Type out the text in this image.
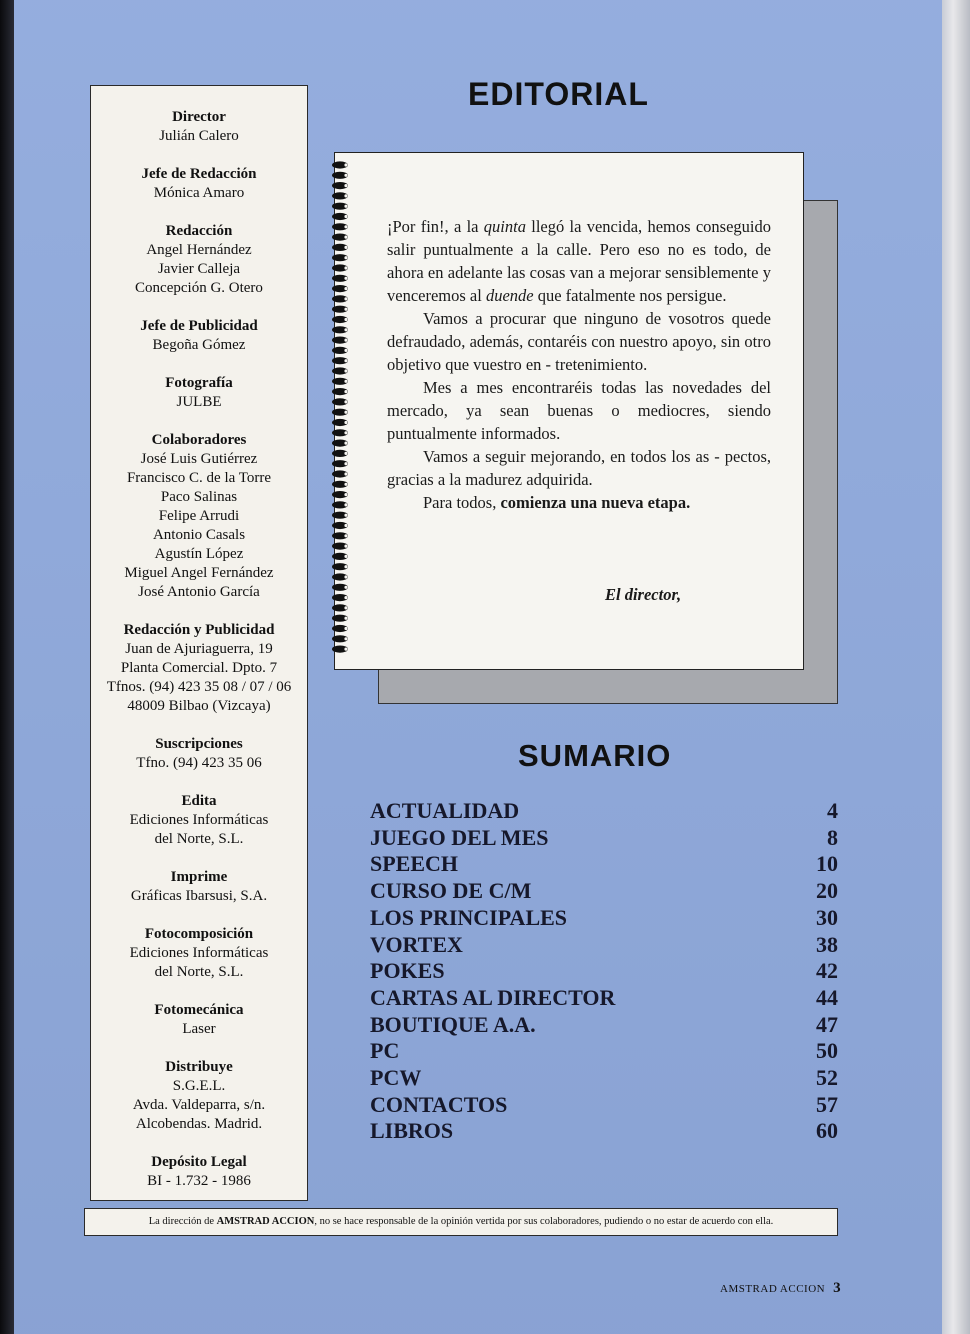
Director
Julián Calero
Jefe de Redacción
Mónica Amaro
Redacción
Angel Hernández
Javier Calleja
Concepción G. Otero
Jefe de Publicidad
Begoña Gómez
Fotografía
JULBE
Colaboradores
José Luis Gutiérrez
Francisco C. de la Torre
Paco Salinas
Felipe Arrudi
Antonio Casals
Agustín López
Miguel Angel Fernández
José Antonio García
Redacción y Publicidad
Juan de Ajuriaguerra, 19
Planta Comercial. Dpto. 7
Tfnos. (94) 423 35 08 / 07 / 06
48009 Bilbao (Vizcaya)
Suscripciones
Tfno. (94) 423 35 06
Edita
Ediciones Informáticas
del Norte, S.L.
Imprime
Gráficas Ibarsusi, S.A.
Fotocomposición
Ediciones Informáticas
del Norte, S.L.
Fotomecánica
Laser
Distribuye
S.G.E.L.
Avda. Valdeparra, s/n.
Alcobendas. Madrid.
Depósito Legal
BI - 1.732 - 1986
EDITORIAL

¡Por fin!, a la quinta llegó la vencida, hemos conseguido salir puntualmente a la calle. Pero eso no es todo, de ahora en adelante las cosas van a mejorar sensiblemente y venceremos al duende que fatalmente nos persigue.

Vamos a procurar que ninguno de vosotros quede defraudado, además, contaréis con nuestro apoyo, sin otro objetivo que vuestro en - tretenimiento.

Mes a mes encontraréis todas las novedades del mercado, ya sean buenas o mediocres, siendo puntualmente informados.

Vamos a seguir mejorando, en todos los as - pectos, gracias a la madurez adquirida.

Para todos, comienza una nueva etapa.

El director,
SUMARIO
ACTUALIDAD	4
JUEGO DEL MES	8
SPEECH	10
CURSO DE C/M	20
LOS PRINCIPALES	30
VORTEX	38
POKES	42
CARTAS AL DIRECTOR	44
BOUTIQUE A.A.	47
PC	50
PCW	52
CONTACTOS	57
LIBROS	60
La dirección de AMSTRAD ACCION, no se hace responsable de la opinión vertida por sus colaboradores, pudiendo o no estar de acuerdo con ella.
AMSTRAD ACCION 3
